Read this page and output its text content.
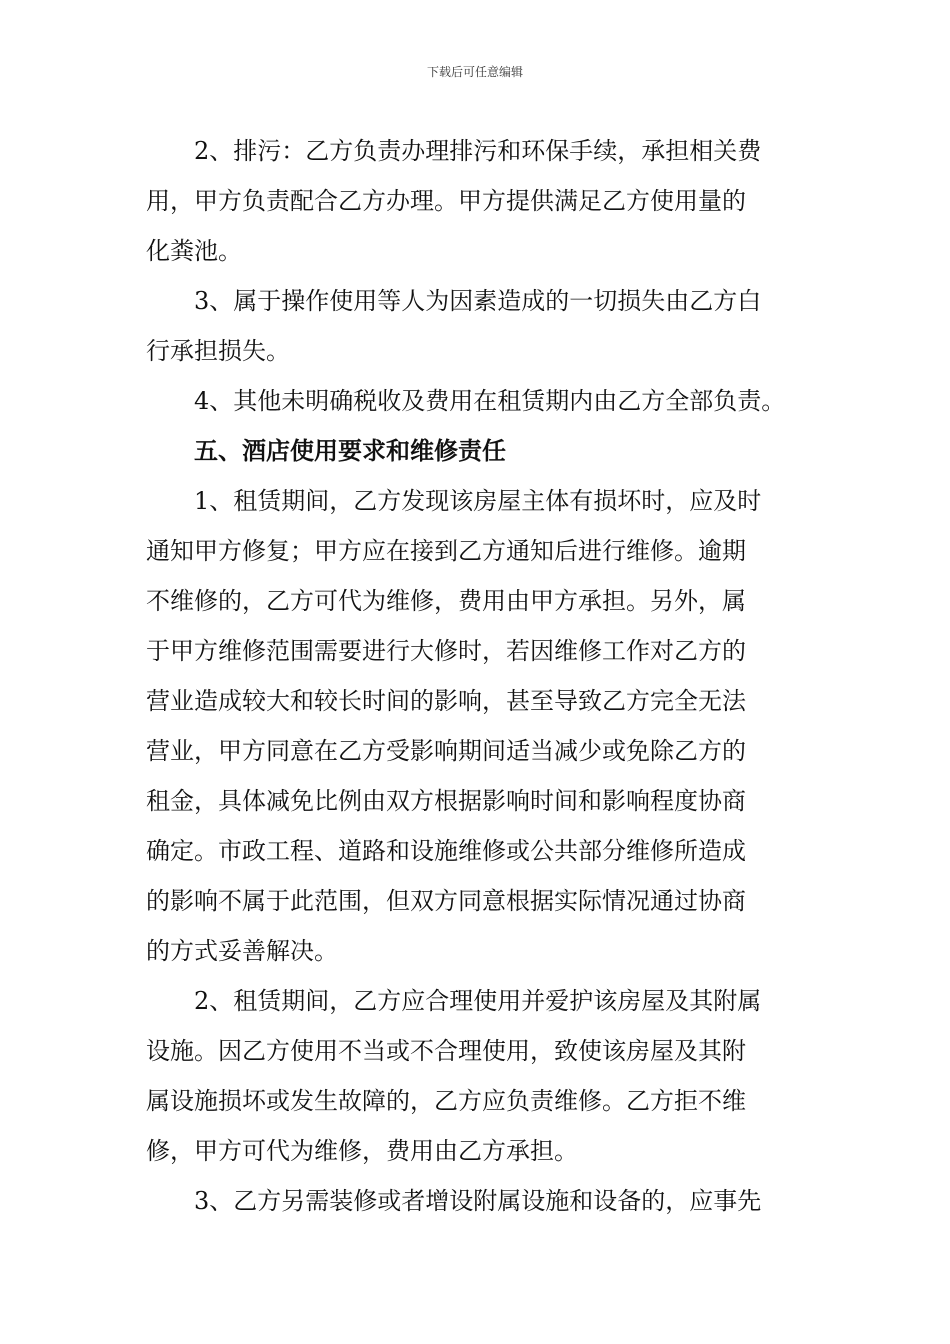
下载后可任意编辑

2、排污：乙方负责办理排污和环保手续，承担相关费
用，甲方负责配合乙方办理。甲方提供满足乙方使用量的
化粪池。

3、属于操作使用等人为因素造成的一切损失由乙方白
行承担损失。

4、其他未明确税收及费用在租赁期内由乙方全部负责。

五、酒店使用要求和维修责任

1、租赁期间，乙方发现该房屋主体有损坏时，应及时
通知甲方修复；甲方应在接到乙方通知后进行维修。逾期
不维修的，乙方可代为维修，费用由甲方承担。另外，属
于甲方维修范围需要进行大修时，若因维修工作对乙方的
营业造成较大和较长时间的影响，甚至导致乙方完全无法
营业，甲方同意在乙方受影响期间适当减少或免除乙方的
租金，具体减免比例由双方根据影响时间和影响程度协商
确定。市政工程、道路和设施维修或公共部分维修所造成
的影响不属于此范围，但双方同意根据实际情况通过协商
的方式妥善解决。

2、租赁期间，乙方应合理使用并爱护该房屋及其附属
设施。因乙方使用不当或不合理使用，致使该房屋及其附
属设施损坏或发生故障的，乙方应负责维修。乙方拒不维
修，甲方可代为维修，费用由乙方承担。

3、乙方另需装修或者增设附属设施和设备的，应事先
